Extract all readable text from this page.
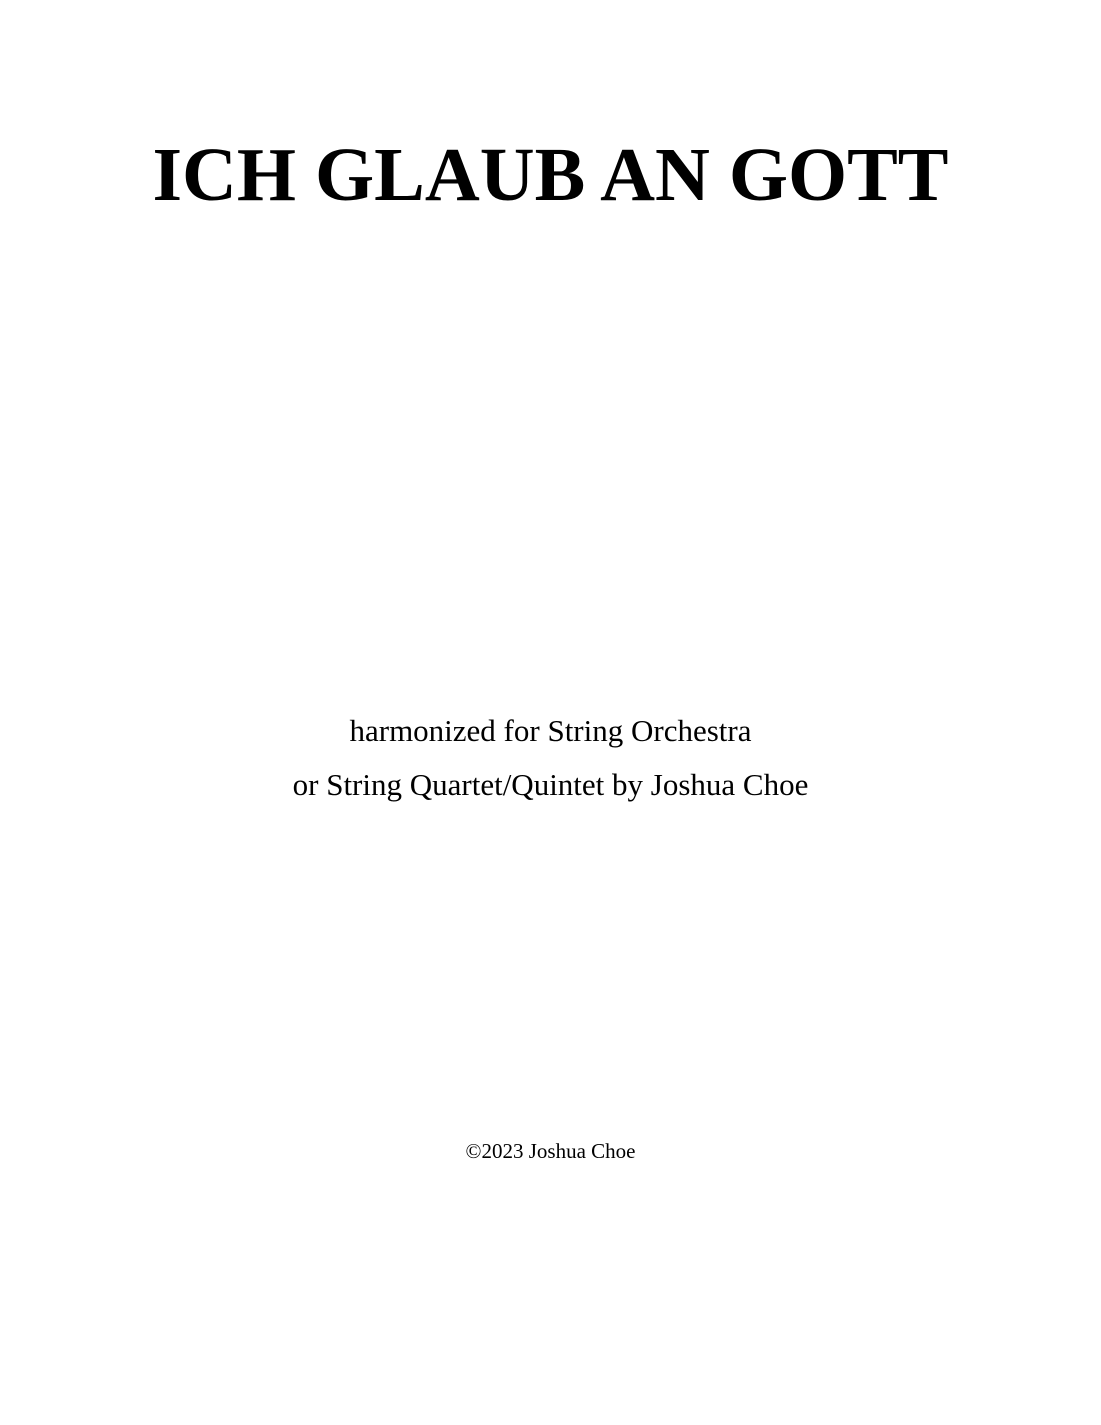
ICH GLAUB AN GOTT
harmonized for String Orchestra
or String Quartet/Quintet by Joshua Choe
©2023 Joshua Choe
